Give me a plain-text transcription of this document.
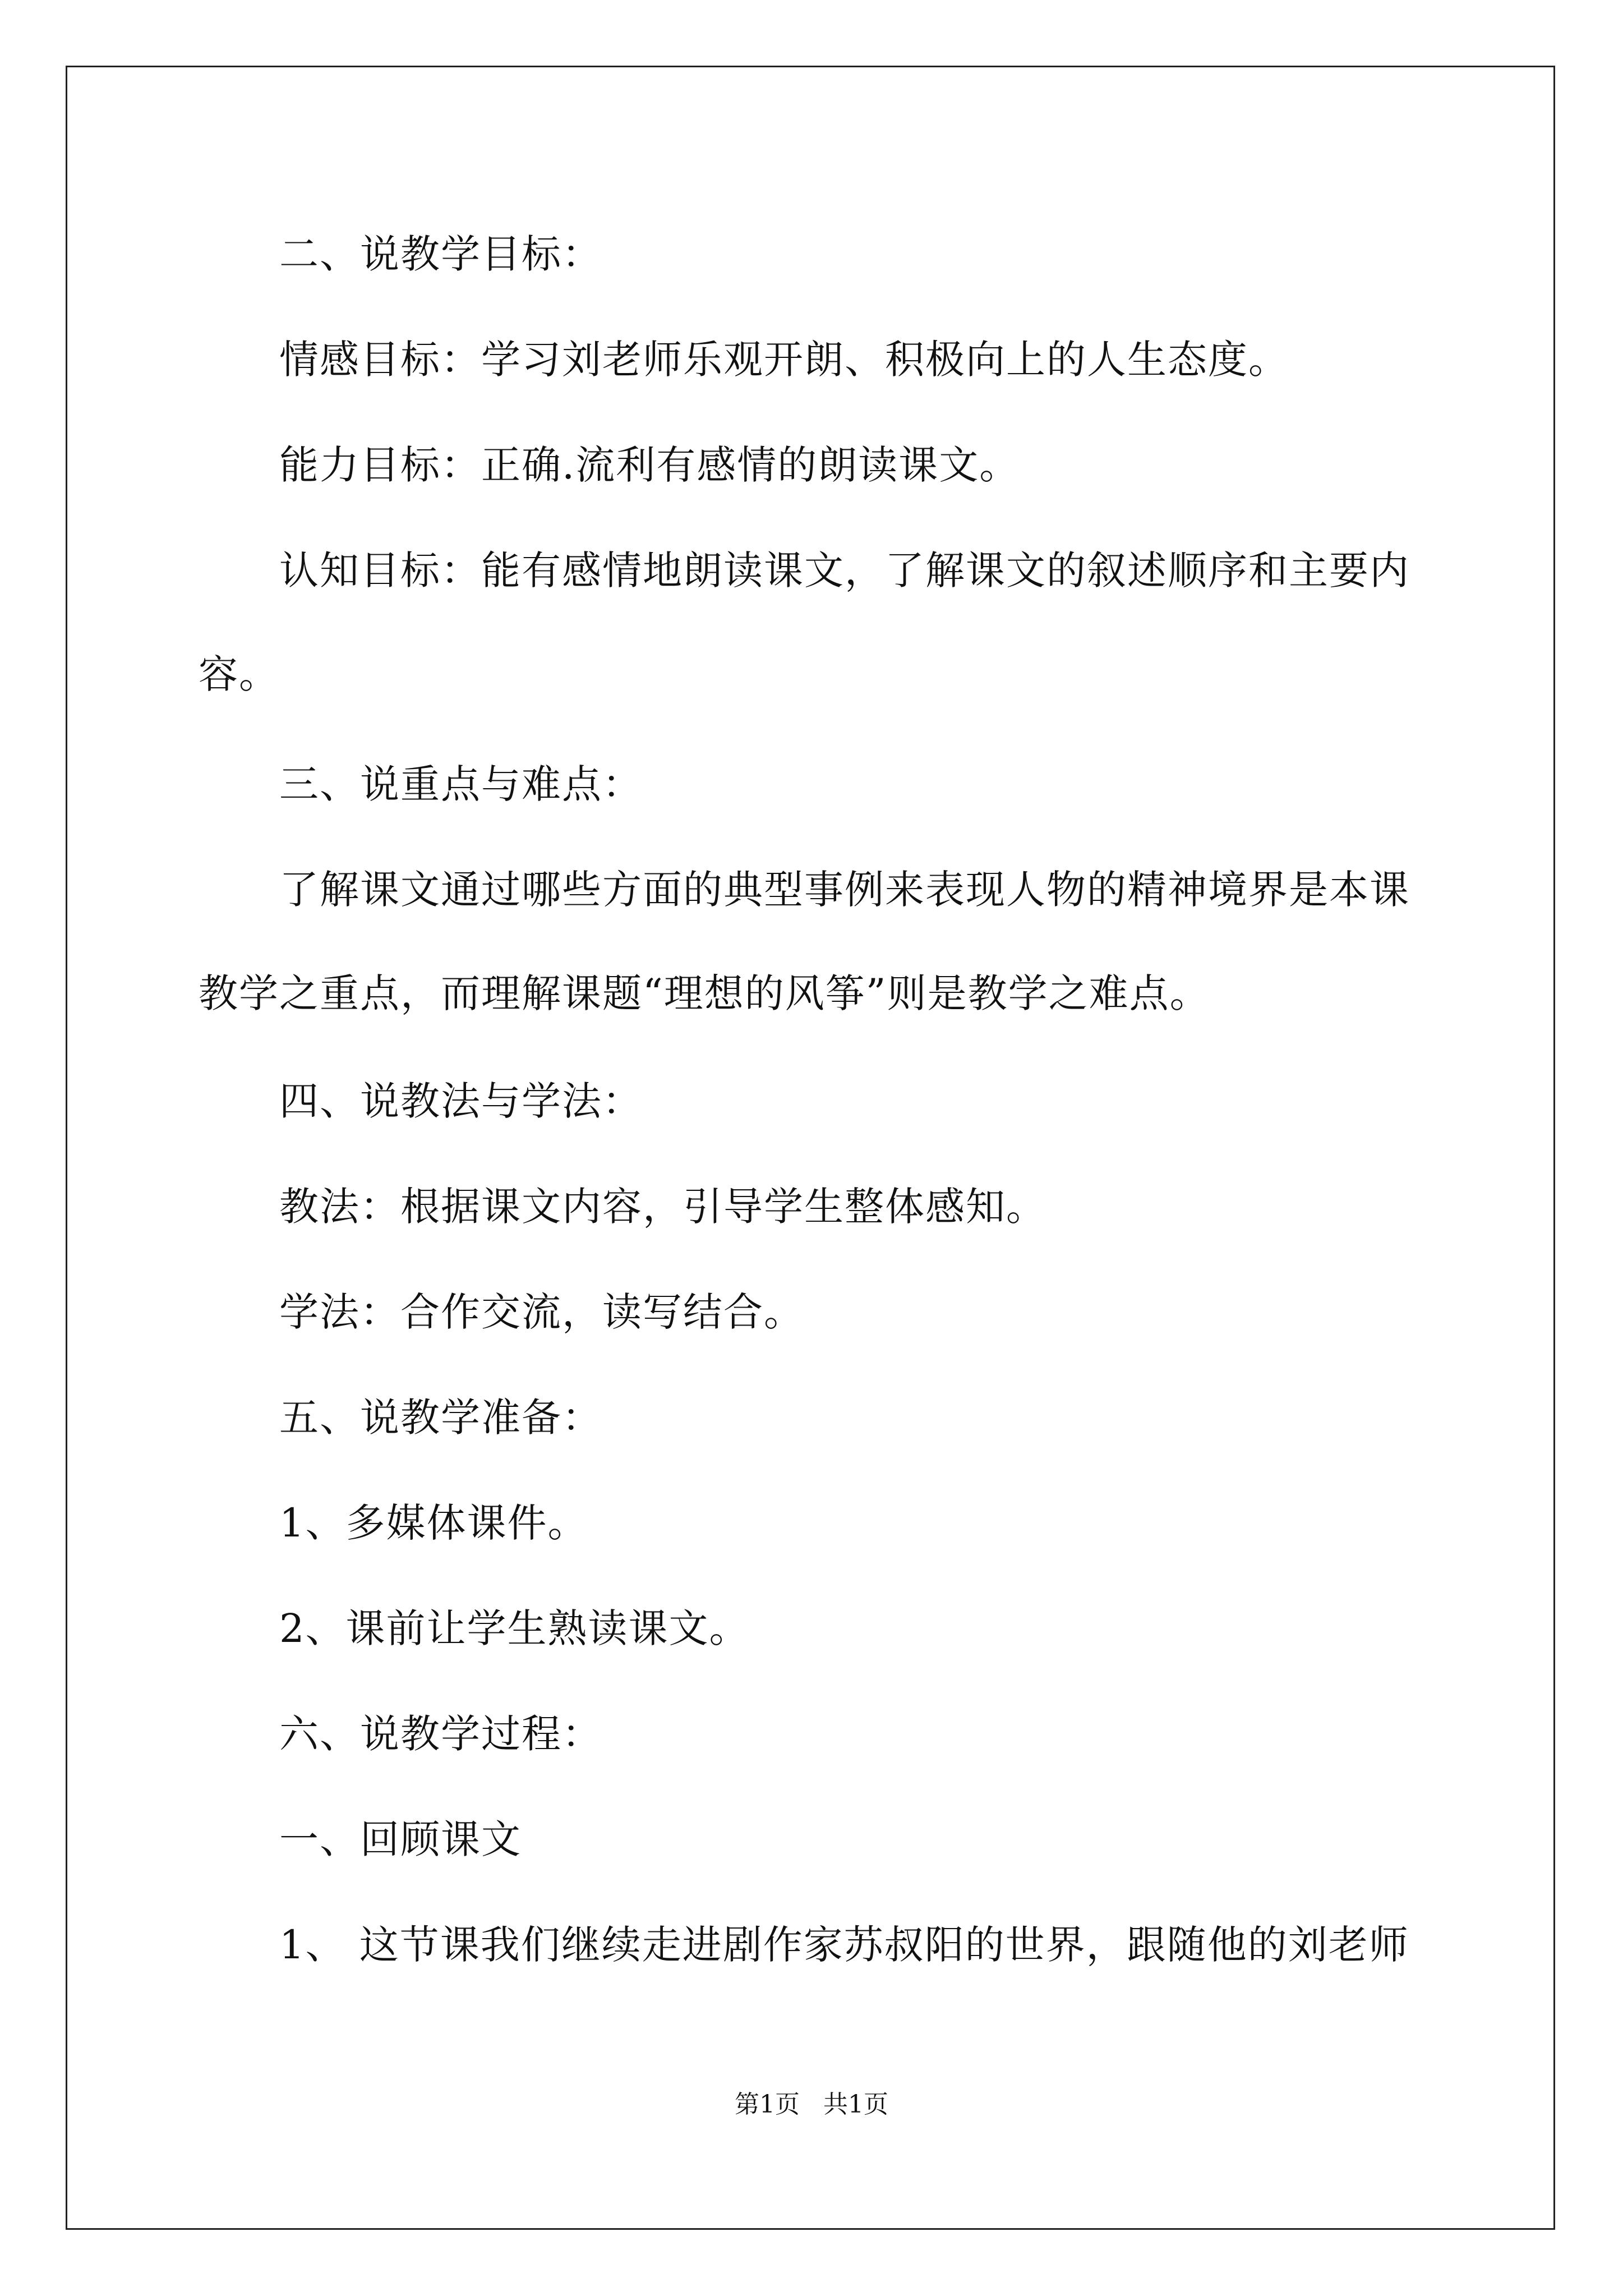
二、说教学目标：
情感目标：学习刘老师乐观开朗、积极向上的人生态度。
能力目标：正确.流利有感情的朗读课文。
认知目标：能有感情地朗读课文，了解课文的叙述顺序和主要内
容。
三、说重点与难点：
了解课文通过哪些方面的典型事例来表现人物的精神境界是本课
教学之重点，而理解课题“理想的风筝”则是教学之难点。
四、说教法与学法：
教法：根据课文内容，引导学生整体感知。
学法：合作交流，读写结合。
五、说教学准备：
1、多媒体课件。
2、课前让学生熟读课文。
六、说教学过程：
一、回顾课文
1、 这节课我们继续走进剧作家苏叔阳的世界，跟随他的刘老师
第1页   共1页
